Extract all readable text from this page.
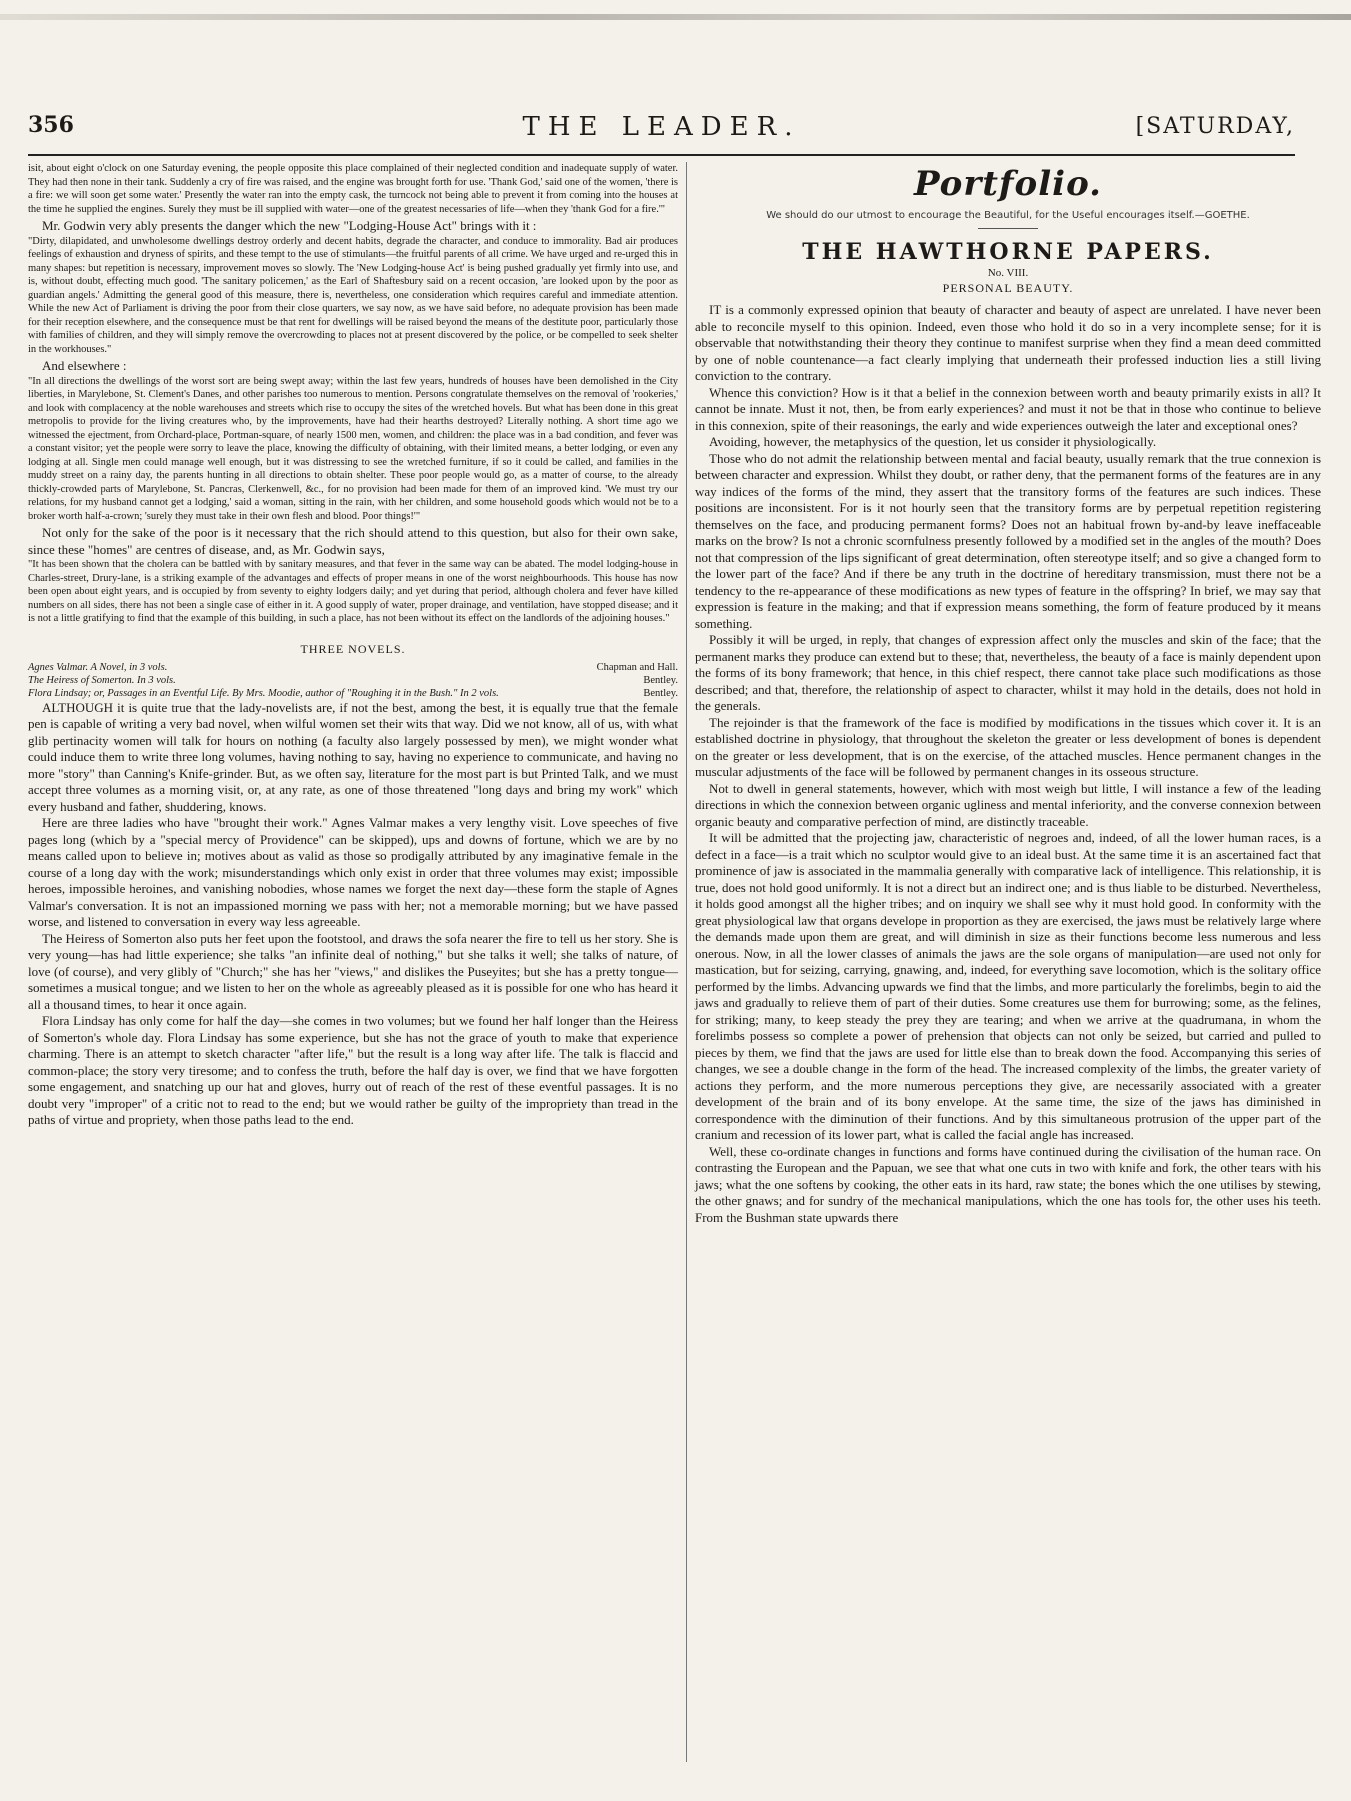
356	THE LEADER.	[SATURDAY,

isit, about eight o'clock on one Saturday evening, the people opposite this place complained of their neglected condition and inadequate supply of water. They had then none in their tank. Suddenly a cry of fire was raised, and the engine was brought forth for use. 'Thank God,' said one of the women, 'there is a fire: we will soon get some water.' Presently the water ran into the empty cask, the turncock not being able to prevent it from coming into the houses at the time he supplied the engines. Surely they must be ill supplied with water—one of the greatest necessaries of life—when they 'thank God for a fire.'"

Mr. Godwin very ably presents the danger which the new "Lodging-House Act" brings with it :

"Dirty, dilapidated, and unwholesome dwellings destroy orderly and decent habits, degrade the character, and conduce to immorality. Bad air produces feelings of exhaustion and dryness of spirits, and these tempt to the use of stimulants—the fruitful parents of all crime. We have urged and re-urged this in many shapes: but repetition is necessary, improvement moves so slowly. The 'New Lodging-house Act' is being pushed gradually yet firmly into use, and is, without doubt, effecting much good. 'The sanitary policemen,' as the Earl of Shaftesbury said on a recent occasion, 'are looked upon by the poor as guardian angels.' Admitting the general good of this measure, there is, nevertheless, one consideration which requires careful and immediate attention. While the new Act of Parliament is driving the poor from their close quarters, we say now, as we have said before, no adequate provision has been made for their reception elsewhere, and the consequence must be that rent for dwellings will be raised beyond the means of the destitute poor, particularly those with families of children, and they will simply remove the overcrowding to places not at present discovered by the police, or be compelled to seek shelter in the workhouses."

And elsewhere :

"In all directions the dwellings of the worst sort are being swept away; within the last few years, hundreds of houses have been demolished in the City liberties, in Marylebone, St. Clement's Danes, and other parishes too numerous to mention. Persons congratulate themselves on the removal of 'rookeries,' and look with complacency at the noble warehouses and streets which rise to occupy the sites of the wretched hovels. But what has been done in this great metropolis to provide for the living creatures who, by the improvements, have had their hearths destroyed? Literally nothing. A short time ago we witnessed the ejectment, from Orchard-place, Portman-square, of nearly 1500 men, women, and children: the place was in a bad condition, and fever was a constant visitor; yet the people were sorry to leave the place, knowing the difficulty of obtaining, with their limited means, a better lodging, or even any lodging at all. Single men could manage well enough, but it was distressing to see the wretched furniture, if so it could be called, and families in the muddy street on a rainy day, the parents hunting in all directions to obtain shelter. These poor people would go, as a matter of course, to the already thickly-crowded parts of Marylebone, St. Pancras, Clerkenwell, &c., for no provision had been made for them of an improved kind. 'We must try our relations, for my husband cannot get a lodging,' said a woman, sitting in the rain, with her children, and some household goods which would not be to a broker worth half-a-crown; 'surely they must take in their own flesh and blood. Poor things!'"

Not only for the sake of the poor is it necessary that the rich should attend to this question, but also for their own sake, since these "homes" are centres of disease, and, as Mr. Godwin says,

"It has been shown that the cholera can be battled with by sanitary measures, and that fever in the same way can be abated. The model lodging-house in Charles-street, Drury-lane, is a striking example of the advantages and effects of proper means in one of the worst neighbourhoods. This house has now been open about eight years, and is occupied by from seventy to eighty lodgers daily; and yet during that period, although cholera and fever have killed numbers on all sides, there has not been a single case of either in it. A good supply of water, proper drainage, and ventilation, have stopped disease; and it is not a little gratifying to find that the example of this building, in such a place, has not been without its effect on the landlords of the adjoining houses."

THREE NOVELS.
Agnes Valmar. A Novel, in 3 vols.	Chapman and Hall.
The Heiress of Somerton. In 3 vols.	Bentley.
Flora Lindsay; or, Passages in an Eventful Life. By Mrs. Moodie, author of "Roughing it in the Bush." In 2 vols.	Bentley.

ALTHOUGH it is quite true that the lady-novelists are, if not the best, among the best, it is equally true that the female pen is capable of writing a very bad novel, when wilful women set their wits that way. Did we not know, all of us, with what glib pertinacity women will talk for hours on nothing (a faculty also largely possessed by men), we might wonder what could induce them to write three long volumes, having nothing to say, having no experience to communicate, and having no more "story" than Canning's Knife-grinder. But, as we often say, literature for the most part is but Printed Talk, and we must accept three volumes as a morning visit, or, at any rate, as one of those threatened "long days and bring my work" which every husband and father, shuddering, knows.

Here are three ladies who have "brought their work." Agnes Valmar makes a very lengthy visit. Love speeches of five pages long (which by a "special mercy of Providence" can be skipped), ups and downs of fortune, which we are by no means called upon to believe in; motives about as valid as those so prodigally attributed by any imaginative female in the course of a long day with the work; misunderstandings which only exist in order that three volumes may exist; impossible heroes, impossible heroines, and vanishing nobodies, whose names we forget the next day—these form the staple of Agnes Valmar's conversation. It is not an impassioned morning we pass with her; not a memorable morning; but we have passed worse, and listened to conversation in every way less agreeable.

The Heiress of Somerton also puts her feet upon the footstool, and draws the sofa nearer the fire to tell us her story. She is very young—has had little experience; she talks "an infinite deal of nothing," but she talks it well; she talks of nature, of love (of course), and very glibly of "Church;" she has her "views," and dislikes the Puseyites; but she has a pretty tongue—sometimes a musical tongue; and we listen to her on the whole as agreeably pleased as it is possible for one who has heard it all a thousand times, to hear it once again.

Flora Lindsay has only come for half the day—she comes in two volumes; but we found her half longer than the Heiress of Somerton's whole day. Flora Lindsay has some experience, but she has not the grace of youth to make that experience charming. There is an attempt to sketch character "after life," but the result is a long way after life. The talk is flaccid and common-place; the story very tiresome; and to confess the truth, before the half day is over, we find that we have forgotten some engagement, and snatching up our hat and gloves, hurry out of reach of the rest of these eventful passages. It is no doubt very "improper" of a critic not to read to the end; but we would rather be guilty of the impropriety than tread in the paths of virtue and propriety, when those paths lead to the end.

Portfolio.
We should do our utmost to encourage the Beautiful, for the Useful encourages itself.—GOETHE.
THE HAWTHORNE PAPERS.
No. VIII.
PERSONAL BEAUTY.

IT is a commonly expressed opinion that beauty of character and beauty of aspect are unrelated. I have never been able to reconcile myself to this opinion. Indeed, even those who hold it do so in a very incomplete sense; for it is observable that notwithstanding their theory they continue to manifest surprise when they find a mean deed committed by one of noble countenance—a fact clearly implying that underneath their professed induction lies a still living conviction to the contrary.

Whence this conviction? How is it that a belief in the connexion between worth and beauty primarily exists in all? It cannot be innate. Must it not, then, be from early experiences? and must it not be that in those who continue to believe in this connexion, spite of their reasonings, the early and wide experiences outweigh the later and exceptional ones?

Avoiding, however, the metaphysics of the question, let us consider it physiologically.

Those who do not admit the relationship between mental and facial beauty, usually remark that the true connexion is between character and expression. Whilst they doubt, or rather deny, that the permanent forms of the features are in any way indices of the forms of the mind, they assert that the transitory forms of the features are such indices. These positions are inconsistent. For is it not hourly seen that the transitory forms are by perpetual repetition registering themselves on the face, and producing permanent forms? Does not an habitual frown by-and-by leave ineffaceable marks on the brow? Is not a chronic scornfulness presently followed by a modified set in the angles of the mouth? Does not that compression of the lips significant of great determination, often stereotype itself; and so give a changed form to the lower part of the face? And if there be any truth in the doctrine of hereditary transmission, must there not be a tendency to the re-appearance of these modifications as new types of feature in the offspring? In brief, we may say that expression is feature in the making; and that if expression means something, the form of feature produced by it means something.

Possibly it will be urged, in reply, that changes of expression affect only the muscles and skin of the face; that the permanent marks they produce can extend but to these; that, nevertheless, the beauty of a face is mainly dependent upon the forms of its bony framework; that hence, in this chief respect, there cannot take place such modifications as those described; and that, therefore, the relationship of aspect to character, whilst it may hold in the details, does not hold in the generals.

The rejoinder is that the framework of the face is modified by modifications in the tissues which cover it. It is an established doctrine in physiology, that throughout the skeleton the greater or less development of bones is dependent on the greater or less development, that is on the exercise, of the attached muscles. Hence permanent changes in the muscular adjustments of the face will be followed by permanent changes in its osseous structure.

Not to dwell in general statements, however, which with most weigh but little, I will instance a few of the leading directions in which the connexion between organic ugliness and mental inferiority, and the converse connexion between organic beauty and comparative perfection of mind, are distinctly traceable.

It will be admitted that the projecting jaw, characteristic of negroes and, indeed, of all the lower human races, is a defect in a face—is a trait which no sculptor would give to an ideal bust. At the same time it is an ascertained fact that prominence of jaw is associated in the mammalia generally with comparative lack of intelligence. This relationship, it is true, does not hold good uniformly. It is not a direct but an indirect one; and is thus liable to be disturbed. Nevertheless, it holds good amongst all the higher tribes; and on inquiry we shall see why it must hold good. In conformity with the great physiological law that organs develope in proportion as they are exercised, the jaws must be relatively large where the demands made upon them are great, and will diminish in size as their functions become less numerous and less onerous. Now, in all the lower classes of animals the jaws are the sole organs of manipulation—are used not only for mastication, but for seizing, carrying, gnawing, and, indeed, for everything save locomotion, which is the solitary office performed by the limbs. Advancing upwards we find that the limbs, and more particularly the forelimbs, begin to aid the jaws and gradually to relieve them of part of their duties. Some creatures use them for burrowing; some, as the felines, for striking; many, to keep steady the prey they are tearing; and when we arrive at the quadrumana, in whom the forelimbs possess so complete a power of prehension that objects can not only be seized, but carried and pulled to pieces by them, we find that the jaws are used for little else than to break down the food. Accompanying this series of changes, we see a double change in the form of the head. The increased complexity of the limbs, the greater variety of actions they perform, and the more numerous perceptions they give, are necessarily associated with a greater development of the brain and of its bony envelope. At the same time, the size of the jaws has diminished in correspondence with the diminution of their functions. And by this simultaneous protrusion of the upper part of the cranium and recession of its lower part, what is called the facial angle has increased.

Well, these co-ordinate changes in functions and forms have continued during the civilisation of the human race. On contrasting the European and the Papuan, we see that what one cuts in two with knife and fork, the other tears with his jaws; what the one softens by cooking, the other eats in its hard, raw state; the bones which the one utilises by stewing, the other gnaws; and for sundry of the mechanical manipulations, which the one has tools for, the other uses his teeth. From the Bushman state upwards there
